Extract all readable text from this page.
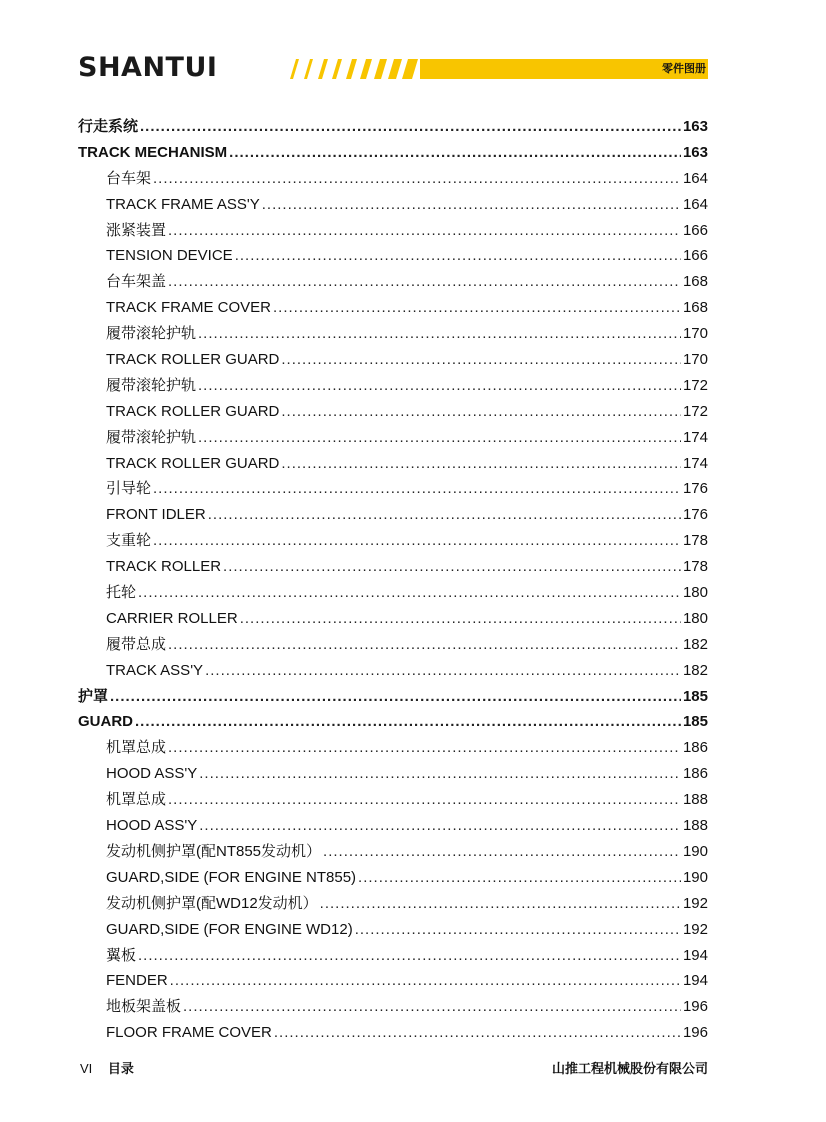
SHANTUI	零件图册
行走系统 .....	163
TRACK MECHANISM .....	163
台车架 .....	164
TRACK FRAME ASS'Y .....	164
涨紧装置 .....	166
TENSION DEVICE .....	166
台车架盖 .....	168
TRACK FRAME COVER .....	168
履带滚轮护轨 .....	170
TRACK ROLLER GUARD .....	170
履带滚轮护轨 .....	172
TRACK ROLLER GUARD .....	172
履带滚轮护轨 .....	174
TRACK ROLLER GUARD .....	174
引导轮 .....	176
FRONT IDLER .....	176
支重轮 .....	178
TRACK ROLLER .....	178
托轮 .....	180
CARRIER ROLLER .....	180
履带总成 .....	182
TRACK ASS'Y .....	182
护罩 .....	185
GUARD .....	185
机罩总成 .....	186
HOOD ASS'Y .....	186
机罩总成 .....	188
HOOD ASS'Y .....	188
发动机侧护罩(配NT855发动机） .....	190
GUARD,SIDE (FOR ENGINE NT855) .....	190
发动机侧护罩(配WD12发动机） .....	192
GUARD,SIDE (FOR ENGINE WD12) .....	192
翼板 .....	194
FENDER .....	194
地板架盖板 .....	196
FLOOR FRAME COVER .....	196
VI 目录	山推工程机械股份有限公司
